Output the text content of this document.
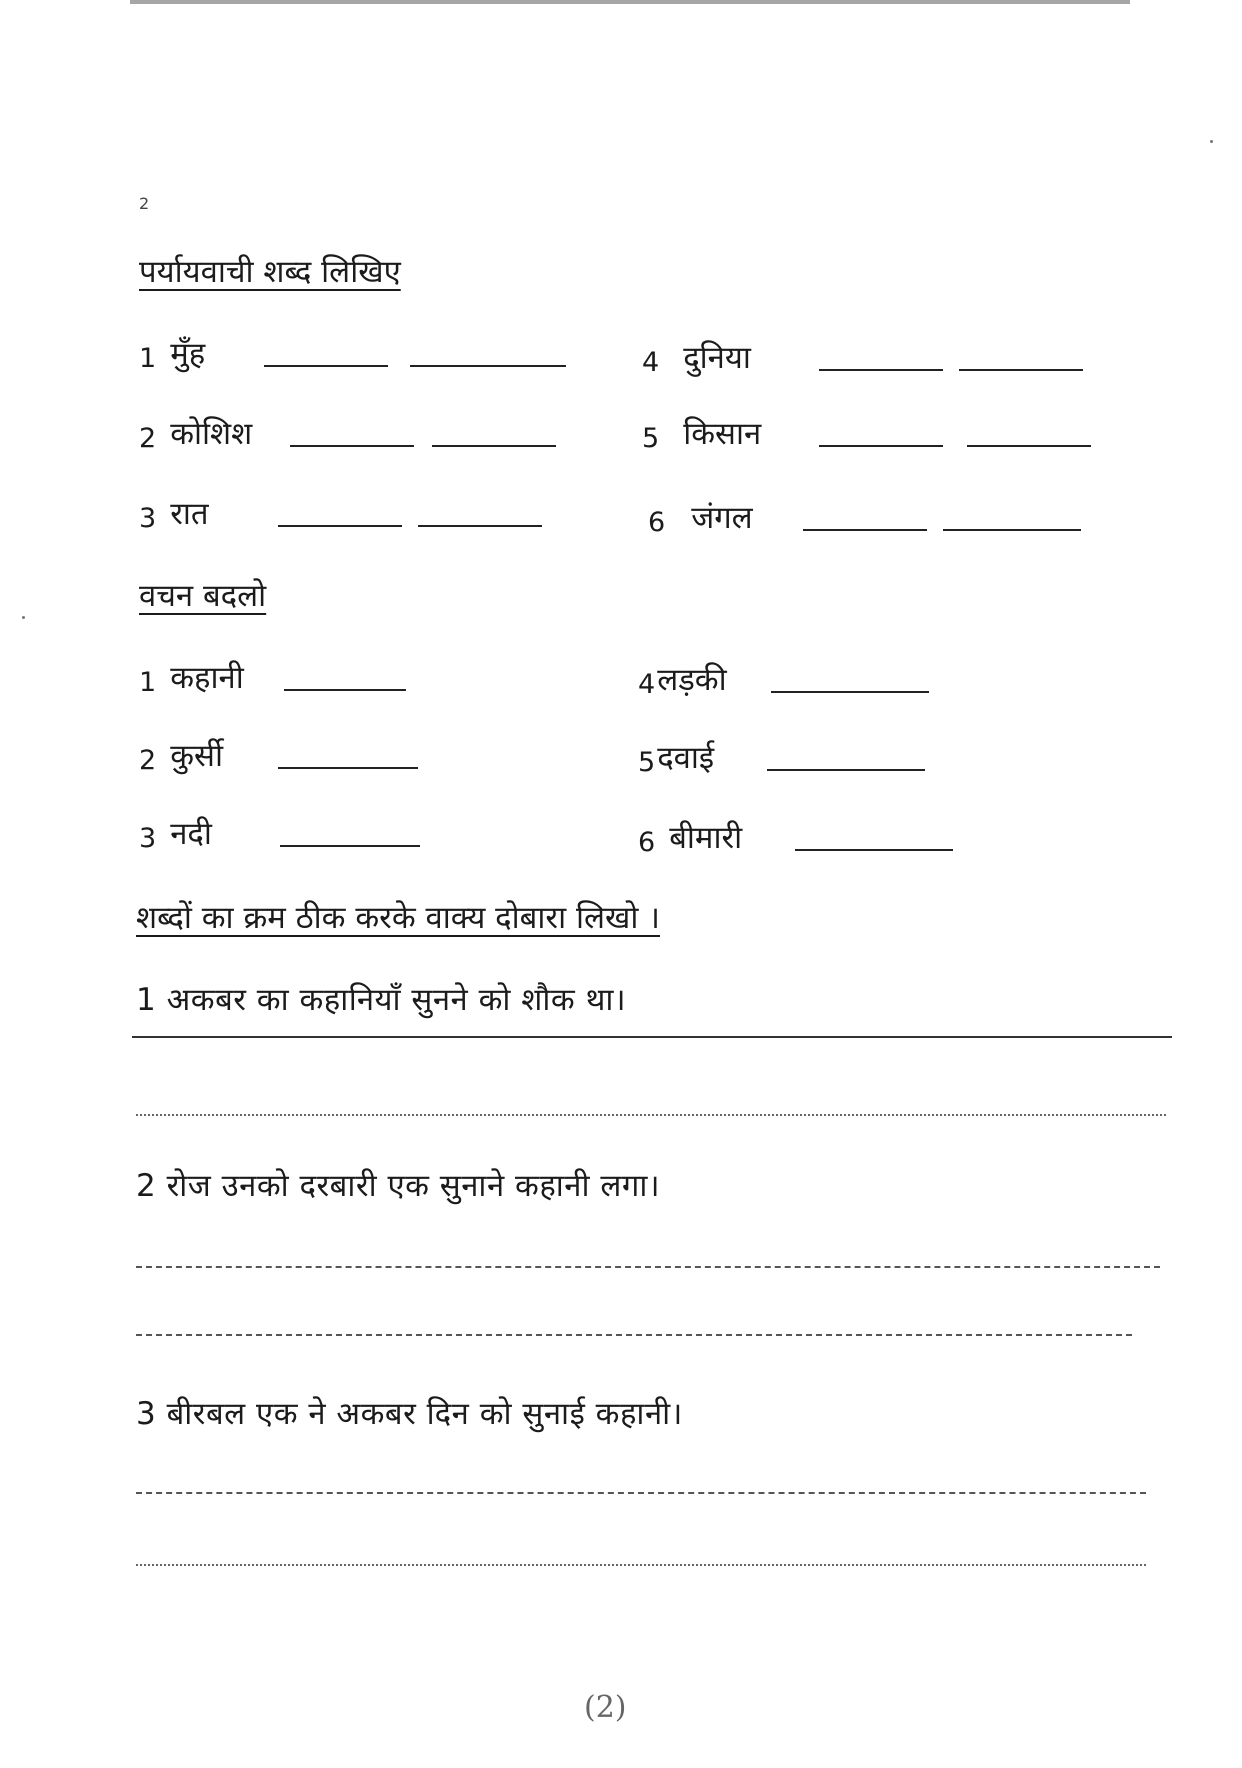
2
पर्यायवाची शब्द लिखिए
1 मुँह
2 कोशिश
3 रात
4 दुनिया
5 किसान
6 जंगल
वचन बदलो
1 कहानी
2 कुर्सी
3 नदी
4 लड़की
5 दवाई
6 बीमारी
शब्दों का क्रम ठीक करके वाक्य दोबारा लिखो ।
1 अकबर का कहानियाँ सुनने को शौक था।
2 रोज उनको दरबारी एक सुनाने कहानी लगा।
3 बीरबल एक ने अकबर दिन को सुनाई कहानी।
(2)
